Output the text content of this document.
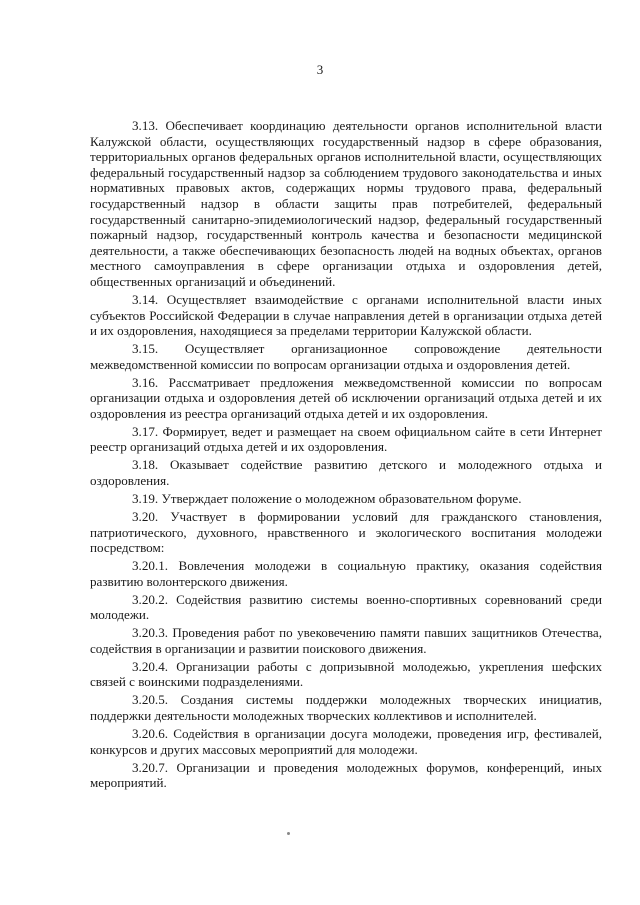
3

3.13. Обеспечивает координацию деятельности органов исполнительной власти Калужской области, осуществляющих государственный надзор в сфере образования, территориальных органов федеральных органов исполнительной власти, осуществляющих федеральный государственный надзор за соблюдением трудового законодательства и иных нормативных правовых актов, содержащих нормы трудового права, федеральный государственный надзор в области защиты прав потребителей, федеральный государственный санитарно-эпидемиологический надзор, федеральный государственный пожарный надзор, государственный контроль качества и безопасности медицинской деятельности, а также обеспечивающих безопасность людей на водных объектах, органов местного самоуправления в сфере организации отдыха и оздоровления детей, общественных организаций и объединений.

3.14. Осуществляет взаимодействие с органами исполнительной власти иных субъектов Российской Федерации в случае направления детей в организации отдыха детей и их оздоровления, находящиеся за пределами территории Калужской области.

3.15. Осуществляет организационное сопровождение деятельности межведомственной комиссии по вопросам организации отдыха и оздоровления детей.

3.16. Рассматривает предложения межведомственной комиссии по вопросам организации отдыха и оздоровления детей об исключении организаций отдыха детей и их оздоровления из реестра организаций отдыха детей и их оздоровления.

3.17. Формирует, ведет и размещает на своем официальном сайте в сети Интернет реестр организаций отдыха детей и их оздоровления.

3.18. Оказывает содействие развитию детского и молодежного отдыха и оздоровления.

3.19. Утверждает положение о молодежном образовательном форуме.

3.20. Участвует в формировании условий для гражданского становления, патриотического, духовного, нравственного и экологического воспитания молодежи посредством:

3.20.1. Вовлечения молодежи в социальную практику, оказания содействия развитию волонтерского движения.

3.20.2. Содействия развитию системы военно-спортивных соревнований среди молодежи.

3.20.3. Проведения работ по увековечению памяти павших защитников Отечества, содействия в организации и развитии поискового движения.

3.20.4. Организации работы с допризывной молодежью, укрепления шефских связей с воинскими подразделениями.

3.20.5. Создания системы поддержки молодежных творческих инициатив, поддержки деятельности молодежных творческих коллективов и исполнителей.

3.20.6. Содействия в организации досуга молодежи, проведения игр, фестивалей, конкурсов и других массовых мероприятий для молодежи.

3.20.7. Организации и проведения молодежных форумов, конференций, иных мероприятий.
